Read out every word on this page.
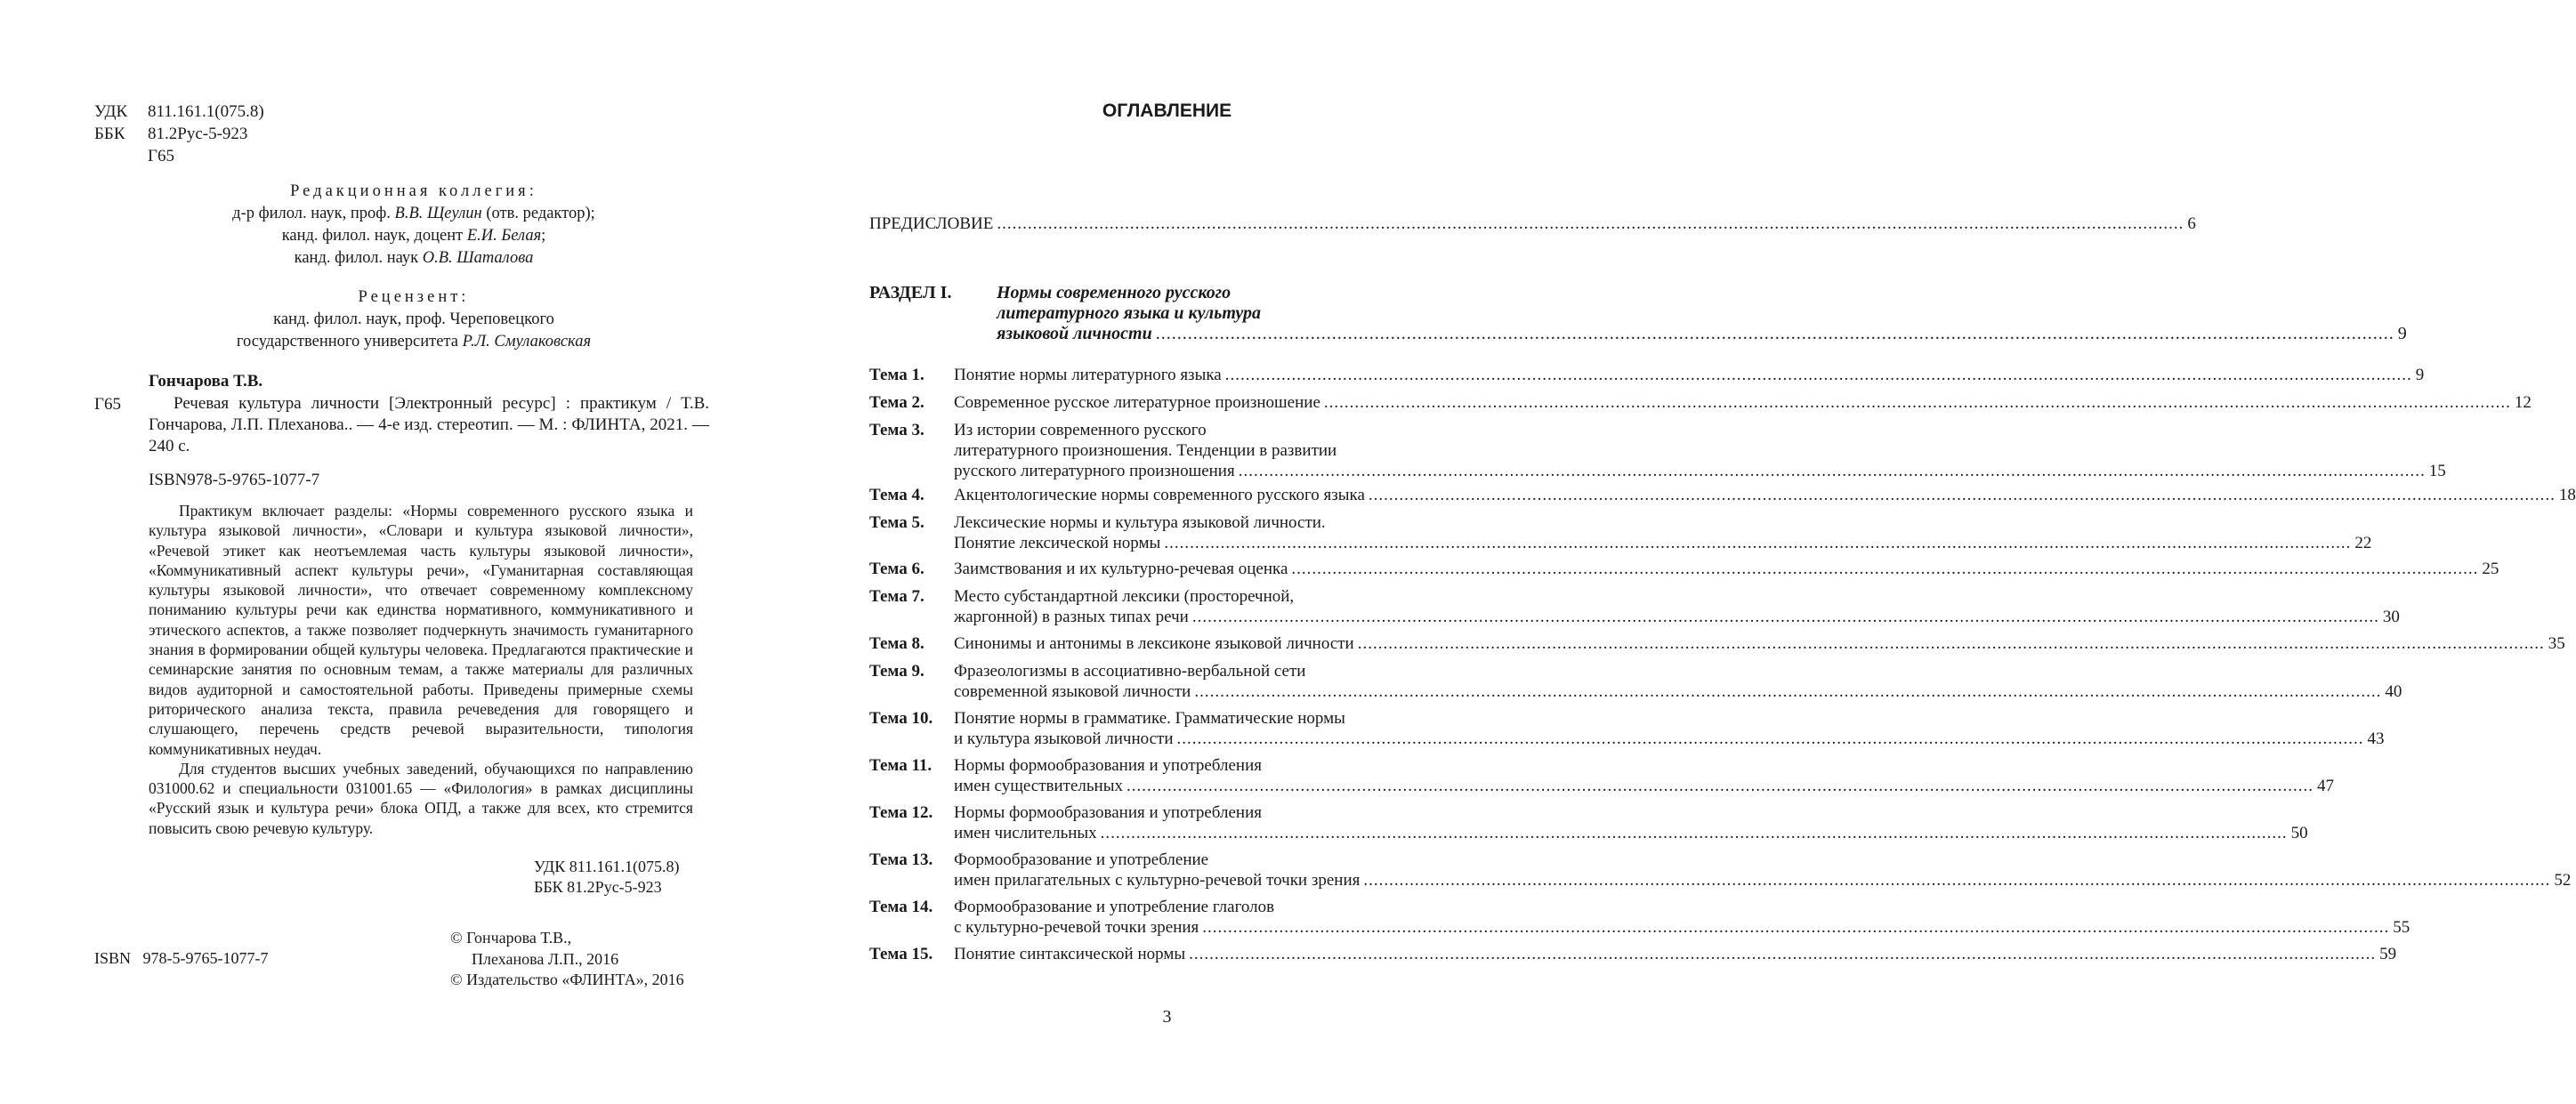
УДК	811.161.1(075.8)
ББК	81.2Рус-5-923
Г65
Редакционная коллегия:
д-р филол. наук, проф. В.В. Щеулин (отв. редактор);
канд. филол. наук, доцент Е.И. Белая;
канд. филол. наук О.В. Шаталова
Рецензент:
канд. филол. наук, проф. Череповецкого
государственного университета Р.Л. Смулаковская
Гончарова Т.В.
Г65	Речевая культура личности [Электронный ресурс] : практикум / Т.В. Гончарова, Л.П. Плеханова.. — 4-е изд. стереотип. — М. : ФЛИНТА, 2021. — 240 с.
ISBN978-5-9765-1077-7

Практикум включает разделы: «Нормы современного русского языка и культура языковой личности», «Словари и культура языковой личности», «Речевой этикет как неотъемлемая часть культуры языковой личности», «Коммуникативный аспект культуры речи», «Гуманитарная составляющая культуры языковой личности», что отвечает современному комплексному пониманию культуры речи как единства нормативного, коммуникативного и этического аспектов, а также позволяет подчеркнуть значимость гуманитарного знания в формировании общей культуры человека. Предлагаются практические и семинарские занятия по основным темам, а также материалы для различных видов аудиторной и самостоятельной работы. Приведены примерные схемы риторического анализа текста, правила речеведения для говорящего и слушающего, перечень средств речевой выразительности, типология коммуникативных неудач.

Для студентов высших учебных заведений, обучающихся по направлению 031000.62 и специальности 031001.65 — «Филология» в рамках дисциплины «Русский язык и культура речи» блока ОПД, а также для всех, кто стремится повысить свою речевую культуру.

УДК 811.161.1(075.8)
ББК 81.2Рус-5-923
ISBN 978-5-9765-1077-7
© Гончарова Т.В.,
Плеханова Л.П., 2016
© Издательство «ФЛИНТА», 2016
ОГЛАВЛЕНИЕ
ПРЕДИСЛОВИЕ .....	6
РАЗДЕЛ I.	Нормы современного русского
литературного языка и культура
языковой личности .....	9
Тема 1.	Понятие нормы литературного языка .....	9
Тема 2.	Современное русское литературное произношение .....	12
Тема 3.	Из истории современного русского
литературного произношения. Тенденции в развитии
русского литературного произношения .....	15
Тема 4.	Акцентологические нормы современного русского языка .....	18
Тема 5.	Лексические нормы и культура языковой личности.
Понятие лексической нормы .....	22
Тема 6.	Заимствования и их культурно-речевая оценка .....	25
Тема 7.	Место субстандартной лексики (просторечной,
жаргонной) в разных типах речи .....	30
Тема 8.	Синонимы и антонимы в лексиконе языковой личности .....	35
Тема 9.	Фразеологизмы в ассоциативно-вербальной сети
современной языковой личности .....	40
Тема 10.	Понятие нормы в грамматике. Грамматические нормы
и культура языковой личности .....	43
Тема 11.	Нормы формообразования и употребления
имен существительных .....	47
Тема 12.	Нормы формообразования и употребления
имен числительных .....	50
Тема 13.	Формообразование и употребление
имен прилагательных с культурно-речевой точки зрения .....	52
Тема 14.	Формообразование и употребление глаголов
с культурно-речевой точки зрения .....	55
Тема 15.	Понятие синтаксической нормы .....	59
3
